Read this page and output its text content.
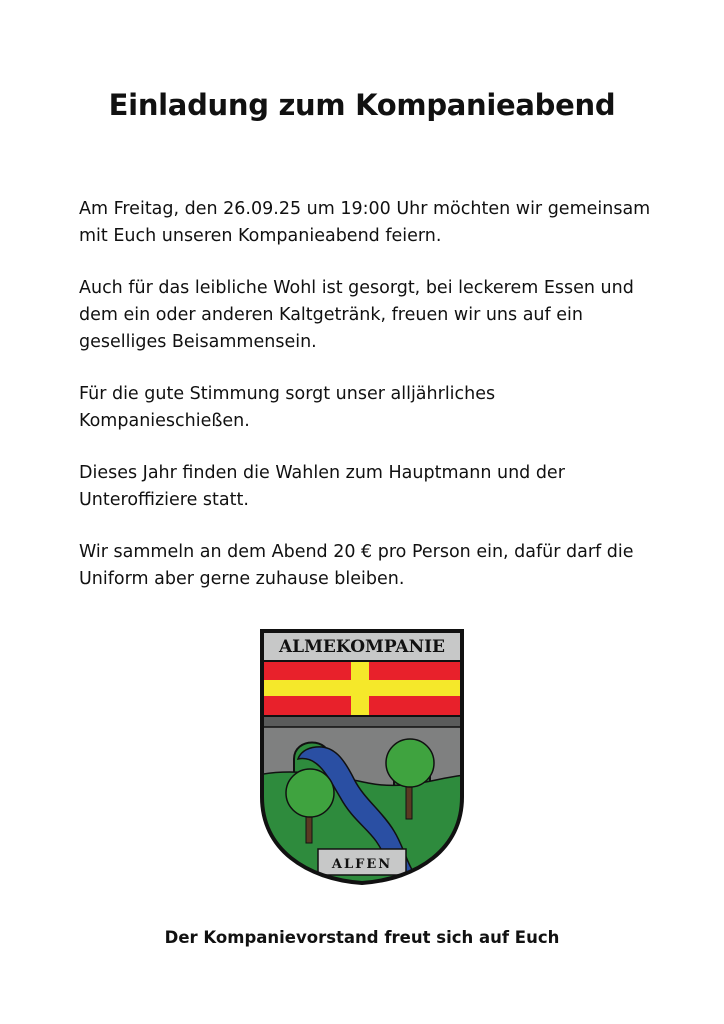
Einladung zum Kompanieabend

Am Freitag, den 26.09.25 um 19:00 Uhr möchten wir gemeinsam mit Euch unseren Kompanieabend feiern.

Auch für das leibliche Wohl ist gesorgt, bei leckerem Essen und dem ein oder anderen Kaltgetränk, freuen wir uns auf ein geselliges Beisammensein.

Für die gute Stimmung sorgt unser alljährliches Kompanieschießen.

Dieses Jahr finden die Wahlen zum Hauptmann und der Unteroffiziere statt.

Wir sammeln an dem Abend 20 € pro Person ein, dafür darf die Uniform aber gerne zuhause bleiben.

ALMEKOMPANIE
ALFEN

Der Kompanievorstand freut sich auf Euch
